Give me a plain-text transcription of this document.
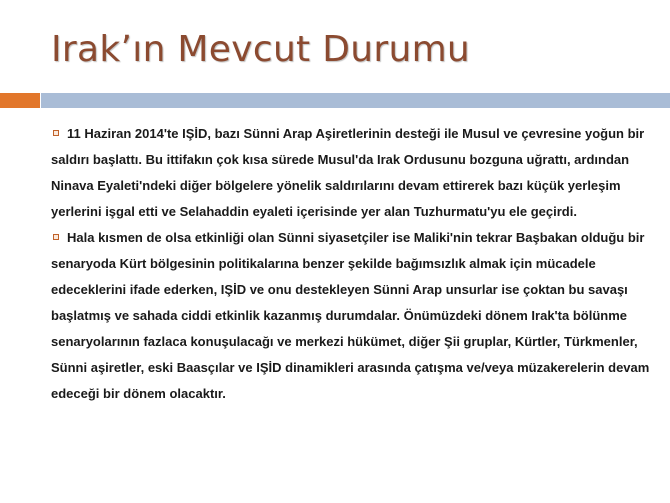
Irak’ın Mevcut Durumu

11 Haziran 2014'te IŞİD, bazı Sünni Arap Aşiretlerinin desteği ile Musul ve çevresine yoğun bir saldırı başlattı. Bu ittifakın çok kısa sürede Musul'da Irak Ordusunu bozguna uğrattı, ardından Ninava Eyaleti'ndeki diğer bölgelere yönelik saldırılarını devam ettirerek bazı küçük yerleşim yerlerini işgal etti ve Selahaddin eyaleti içerisinde yer alan Tuzhurmatu'yu ele geçirdi.

Hala kısmen de olsa etkinliği olan Sünni siyasetçiler ise Maliki'nin tekrar Başbakan olduğu bir senaryoda Kürt bölgesinin politikalarına benzer şekilde bağımsızlık almak için mücadele edeceklerini ifade ederken, IŞİD ve onu destekleyen Sünni Arap unsurlar ise çoktan bu savaşı başlatmış ve sahada ciddi etkinlik kazanmış durumdalar. Önümüzdeki dönem Irak'ta bölünme senaryolarının fazlaca konuşulacağı ve merkezi hükümet, diğer Şii gruplar, Kürtler, Türkmenler, Sünni aşiretler, eski Baasçılar ve IŞİD dinamikleri arasında çatışma ve/veya müzakerelerin devam edeceği bir dönem olacaktır.
